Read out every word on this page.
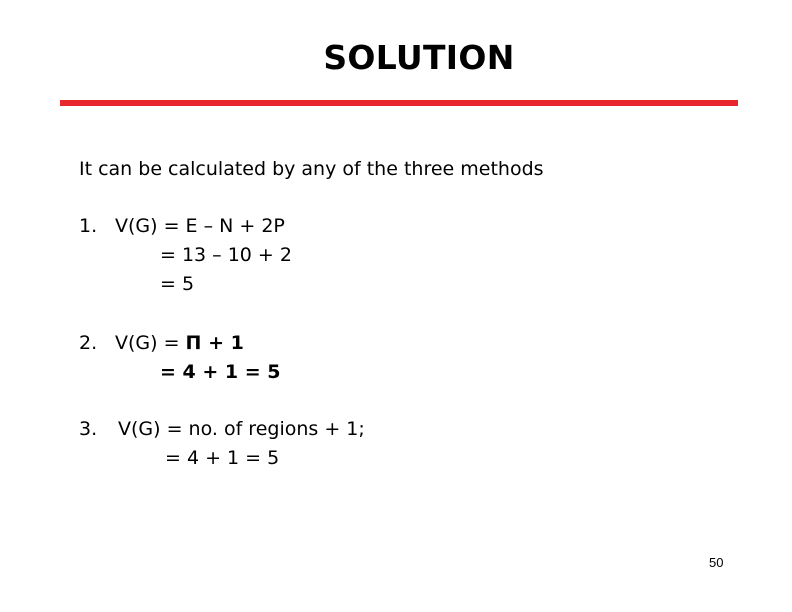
SOLUTION
It can be calculated by any of the three methods
1. V(G) = E – N + 2P
= 13 – 10 + 2
= 5
2. V(G) = Π + 1
= 4 + 1 = 5
3. V(G) = no. of regions + 1;
= 4 + 1 = 5
50
